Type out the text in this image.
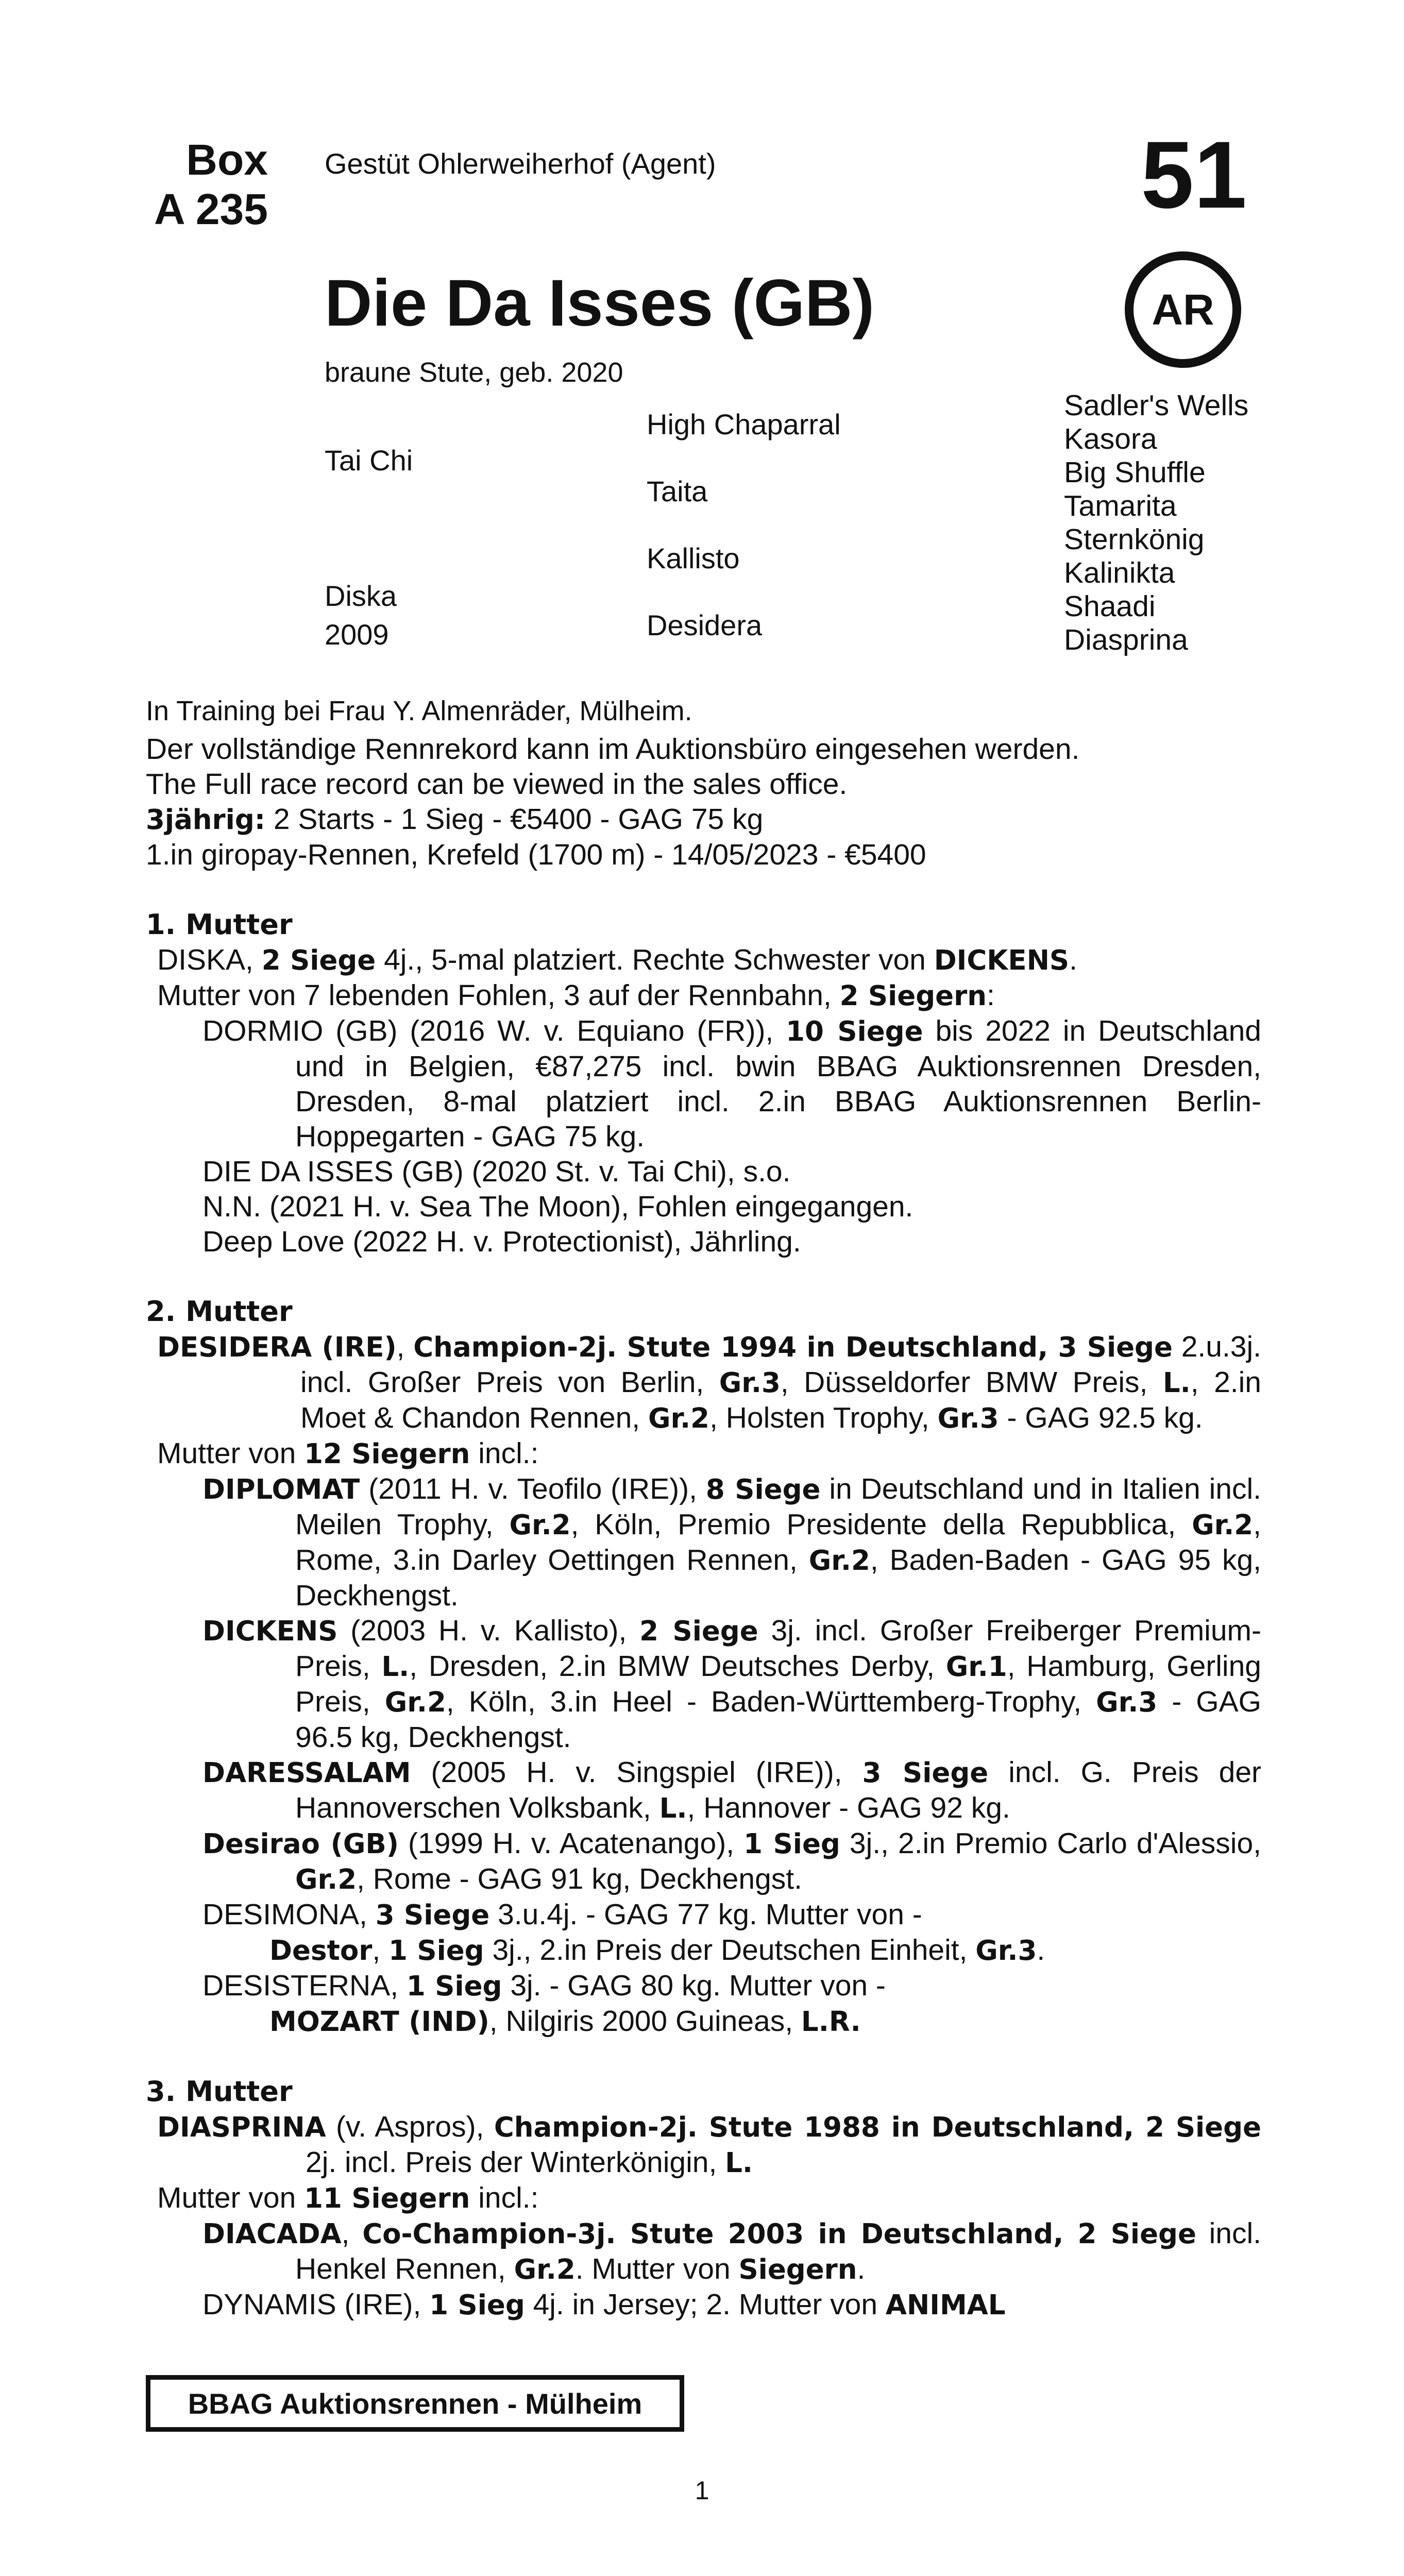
Box
A 235
Gestüt Ohlerweiherhof (Agent)	51
Die Da Isses (GB)	AR
braune Stute, geb. 2020
Tai Chi
Diska
2009
High Chaparral
Taita
Kallisto
Desidera
Sadler's Wells
Kasora
Big Shuffle
Tamarita
Sternkönig
Kalinikta
Shaadi
Diasprina

In Training bei Frau Y. Almenräder, Mülheim.

Der vollständige Rennrekord kann im Auktionsbüro eingesehen werden.

The Full race record can be viewed in the sales office.

3jährig: 2 Starts - 1 Sieg - €5400 - GAG 75 kg

1.in giropay-Rennen, Krefeld (1700 m) - 14/05/2023 - €5400

1. Mutter

DISKA, 2 Siege 4j., 5-mal platziert. Rechte Schwester von DICKENS.

Mutter von 7 lebenden Fohlen, 3 auf der Rennbahn, 2 Siegern:

DORMIO (GB) (2016 W. v. Equiano (FR)), 10 Siege bis 2022 in Deutschland und in Belgien, €87,275 incl. bwin BBAG Auktionsrennen Dresden, Dresden, 8-mal platziert incl. 2.in BBAG Auktionsrennen Berlin-Hoppegarten - GAG 75 kg.

DIE DA ISSES (GB) (2020 St. v. Tai Chi), s.o.

N.N. (2021 H. v. Sea The Moon), Fohlen eingegangen.

Deep Love (2022 H. v. Protectionist), Jährling.

2. Mutter

DESIDERA (IRE), Champion-2j. Stute 1994 in Deutschland, 3 Siege 2.u.3j. incl. Großer Preis von Berlin, Gr.3, Düsseldorfer BMW Preis, L., 2.in Moet & Chandon Rennen, Gr.2, Holsten Trophy, Gr.3 - GAG 92.5 kg.

Mutter von 12 Siegern incl.:

DIPLOMAT (2011 H. v. Teofilo (IRE)), 8 Siege in Deutschland und in Italien incl. Meilen Trophy, Gr.2, Köln, Premio Presidente della Repubblica, Gr.2, Rome, 3.in Darley Oettingen Rennen, Gr.2, Baden-Baden - GAG 95 kg, Deckhengst.

DICKENS (2003 H. v. Kallisto), 2 Siege 3j. incl. Großer Freiberger Premium-Preis, L., Dresden, 2.in BMW Deutsches Derby, Gr.1, Hamburg, Gerling Preis, Gr.2, Köln, 3.in Heel - Baden-Württemberg-Trophy, Gr.3 - GAG 96.5 kg, Deckhengst.

DARESSALAM (2005 H. v. Singspiel (IRE)), 3 Siege incl. G. Preis der Hannoverschen Volksbank, L., Hannover - GAG 92 kg.

Desirao (GB) (1999 H. v. Acatenango), 1 Sieg 3j., 2.in Premio Carlo d'Alessio, Gr.2, Rome - GAG 91 kg, Deckhengst.

DESIMONA, 3 Siege 3.u.4j. - GAG 77 kg. Mutter von -

Destor, 1 Sieg 3j., 2.in Preis der Deutschen Einheit, Gr.3.

DESISTERNA, 1 Sieg 3j. - GAG 80 kg. Mutter von -

MOZART (IND), Nilgiris 2000 Guineas, L.R.

3. Mutter

DIASPRINA (v. Aspros), Champion-2j. Stute 1988 in Deutschland, 2 Siege 2j. incl. Preis der Winterkönigin, L.

Mutter von 11 Siegern incl.:

DIACADA, Co-Champion-3j. Stute 2003 in Deutschland, 2 Siege incl. Henkel Rennen, Gr.2. Mutter von Siegern.

DYNAMIS (IRE), 1 Sieg 4j. in Jersey; 2. Mutter von ANIMAL

BBAG Auktionsrennen - Mülheim
1
